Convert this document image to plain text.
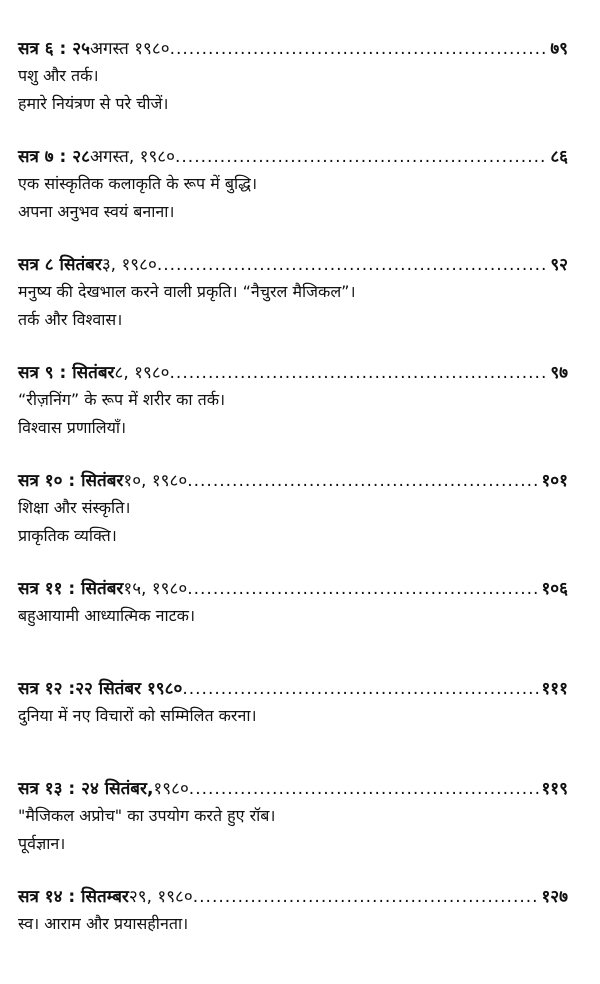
सत्र ६ : २५ अगस्त १९८० .....	७९
पशु और तर्क।
हमारे नियंत्रण से परे चीजें।
सत्र ७ : २८ अगस्त, १९८० .....	८६
एक सांस्कृतिक कलाकृति के रूप में बुद्धि।
अपना अनुभव स्वयं बनाना।
सत्र ८ सितंबर ३, १९८० .....	९२
मनुष्य की देखभाल करने वाली प्रकृति। “नैचुरल मैजिकल”।
तर्क और विश्वास।
सत्र ९ : सितंबर ८, १९८० .....	९७
“रीज़निंग” के रूप में शरीर का तर्क।
विश्वास प्रणालियाँ।
सत्र १० : सितंबर १०, १९८० .....	१०१
शिक्षा और संस्कृति।
प्राकृतिक व्यक्ति।
सत्र ११ : सितंबर १५, १९८० .....	१०६
बहुआयामी आध्यात्मिक नाटक।
सत्र १२ :२२ सितंबर १९८० .....	१११
दुनिया में नए विचारों को सम्मिलित करना।
सत्र १३ : २४ सितंबर, १९८० .....	११९
"मैजिकल अप्रोच" का उपयोग करते हुए रॉब।
पूर्वज्ञान।
सत्र १४ : सितम्बर २९, १९८० .....	१२७
स्व। आराम और प्रयासहीनता।
